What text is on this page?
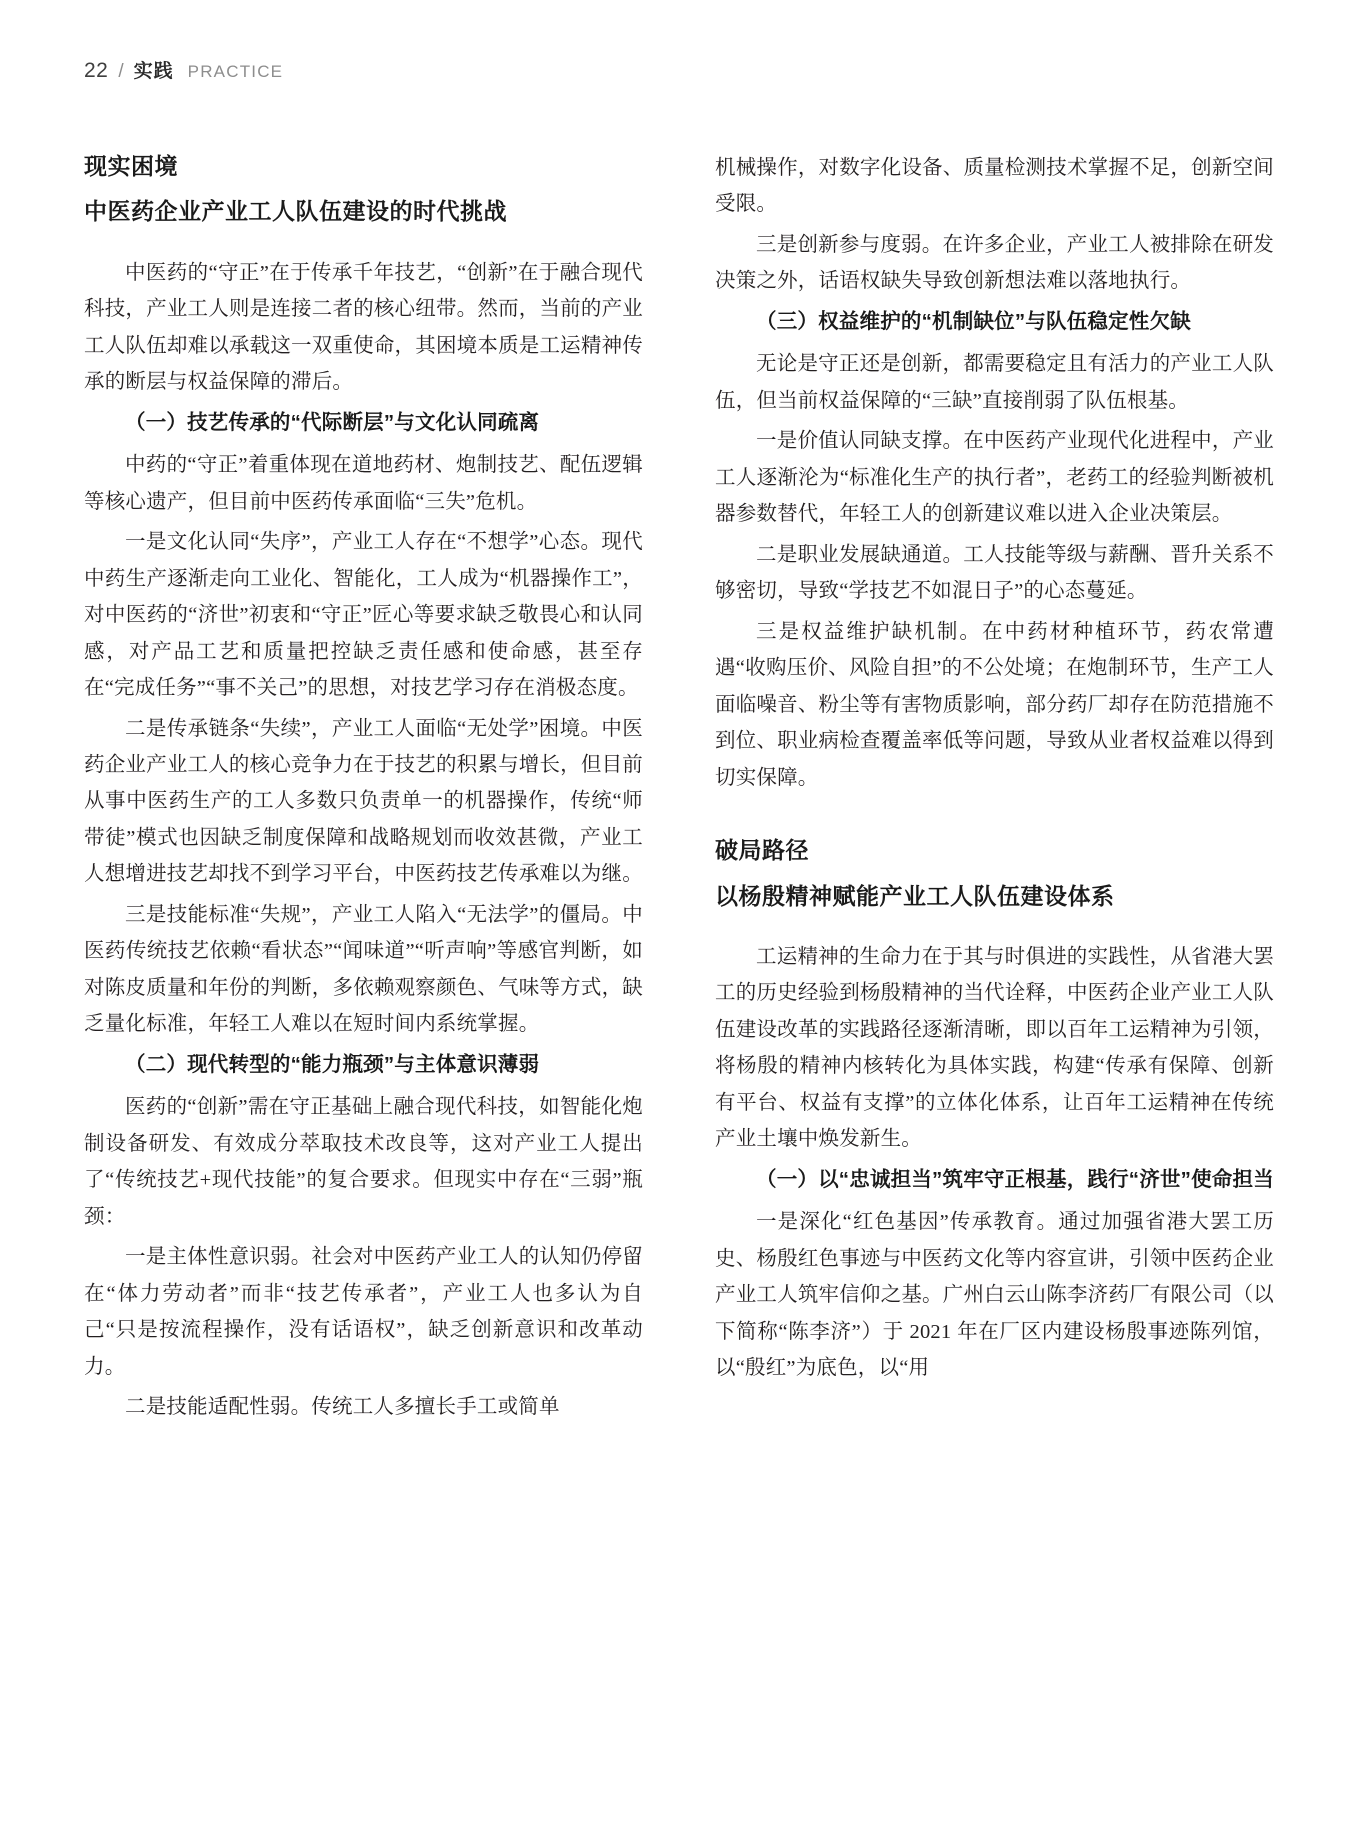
22 / 实践 PRACTICE
现实困境
中医药企业产业工人队伍建设的时代挑战

中医药的“守正”在于传承千年技艺，“创新”在于融合现代科技，产业工人则是连接二者的核心纽带。然而，当前的产业工人队伍却难以承载这一双重使命，其困境本质是工运精神传承的断层与权益保障的滞后。

（一）技艺传承的“代际断层”与文化认同疏离

中药的“守正”着重体现在道地药材、炮制技艺、配伍逻辑等核心遗产，但目前中医药传承面临“三失”危机。

一是文化认同“失序”，产业工人存在“不想学”心态。现代中药生产逐渐走向工业化、智能化，工人成为“机器操作工”，对中医药的“济世”初衷和“守正”匠心等要求缺乏敬畏心和认同感，对产品工艺和质量把控缺乏责任感和使命感，甚至存在“完成任务”“事不关己”的思想，对技艺学习存在消极态度。

二是传承链条“失续”，产业工人面临“无处学”困境。中医药企业产业工人的核心竞争力在于技艺的积累与增长，但目前从事中医药生产的工人多数只负责单一的机器操作，传统“师带徒”模式也因缺乏制度保障和战略规划而收效甚微，产业工人想增进技艺却找不到学习平台，中医药技艺传承难以为继。

三是技能标准“失规”，产业工人陷入“无法学”的僵局。中医药传统技艺依赖“看状态”“闻味道”“听声响”等感官判断，如对陈皮质量和年份的判断，多依赖观察颜色、气味等方式，缺乏量化标准，年轻工人难以在短时间内系统掌握。

（二）现代转型的“能力瓶颈”与主体意识薄弱

医药的“创新”需在守正基础上融合现代科技，如智能化炮制设备研发、有效成分萃取技术改良等，这对产业工人提出了“传统技艺+现代技能”的复合要求。但现实中存在“三弱”瓶颈：

一是主体性意识弱。社会对中医药产业工人的认知仍停留在“体力劳动者”而非“技艺传承者”，产业工人也多认为自己“只是按流程操作，没有话语权”，缺乏创新意识和改革动力。

二是技能适配性弱。传统工人多擅长手工或简单

机械操作，对数字化设备、质量检测技术掌握不足，创新空间受限。

三是创新参与度弱。在许多企业，产业工人被排除在研发决策之外，话语权缺失导致创新想法难以落地执行。

（三）权益维护的“机制缺位”与队伍稳定性欠缺

无论是守正还是创新，都需要稳定且有活力的产业工人队伍，但当前权益保障的“三缺”直接削弱了队伍根基。

一是价值认同缺支撑。在中医药产业现代化进程中，产业工人逐渐沦为“标准化生产的执行者”，老药工的经验判断被机器参数替代，年轻工人的创新建议难以进入企业决策层。

二是职业发展缺通道。工人技能等级与薪酬、晋升关系不够密切，导致“学技艺不如混日子”的心态蔓延。

三是权益维护缺机制。在中药材种植环节，药农常遭遇“收购压价、风险自担”的不公处境；在炮制环节，生产工人面临噪音、粉尘等有害物质影响，部分药厂却存在防范措施不到位、职业病检查覆盖率低等问题，导致从业者权益难以得到切实保障。

破局路径
以杨殷精神赋能产业工人队伍建设体系

工运精神的生命力在于其与时俱进的实践性，从省港大罢工的历史经验到杨殷精神的当代诠释，中医药企业产业工人队伍建设改革的实践路径逐渐清晰，即以百年工运精神为引领，将杨殷的精神内核转化为具体实践，构建“传承有保障、创新有平台、权益有支撑”的立体化体系，让百年工运精神在传统产业土壤中焕发新生。

（一）以“忠诚担当”筑牢守正根基，践行“济世”使命担当

一是深化“红色基因”传承教育。通过加强省港大罢工历史、杨殷红色事迹与中医药文化等内容宣讲，引领中医药企业产业工人筑牢信仰之基。广州白云山陈李济药厂有限公司（以下简称“陈李济”）于 2021 年在厂区内建设杨殷事迹陈列馆，以“殷红”为底色，以“用
